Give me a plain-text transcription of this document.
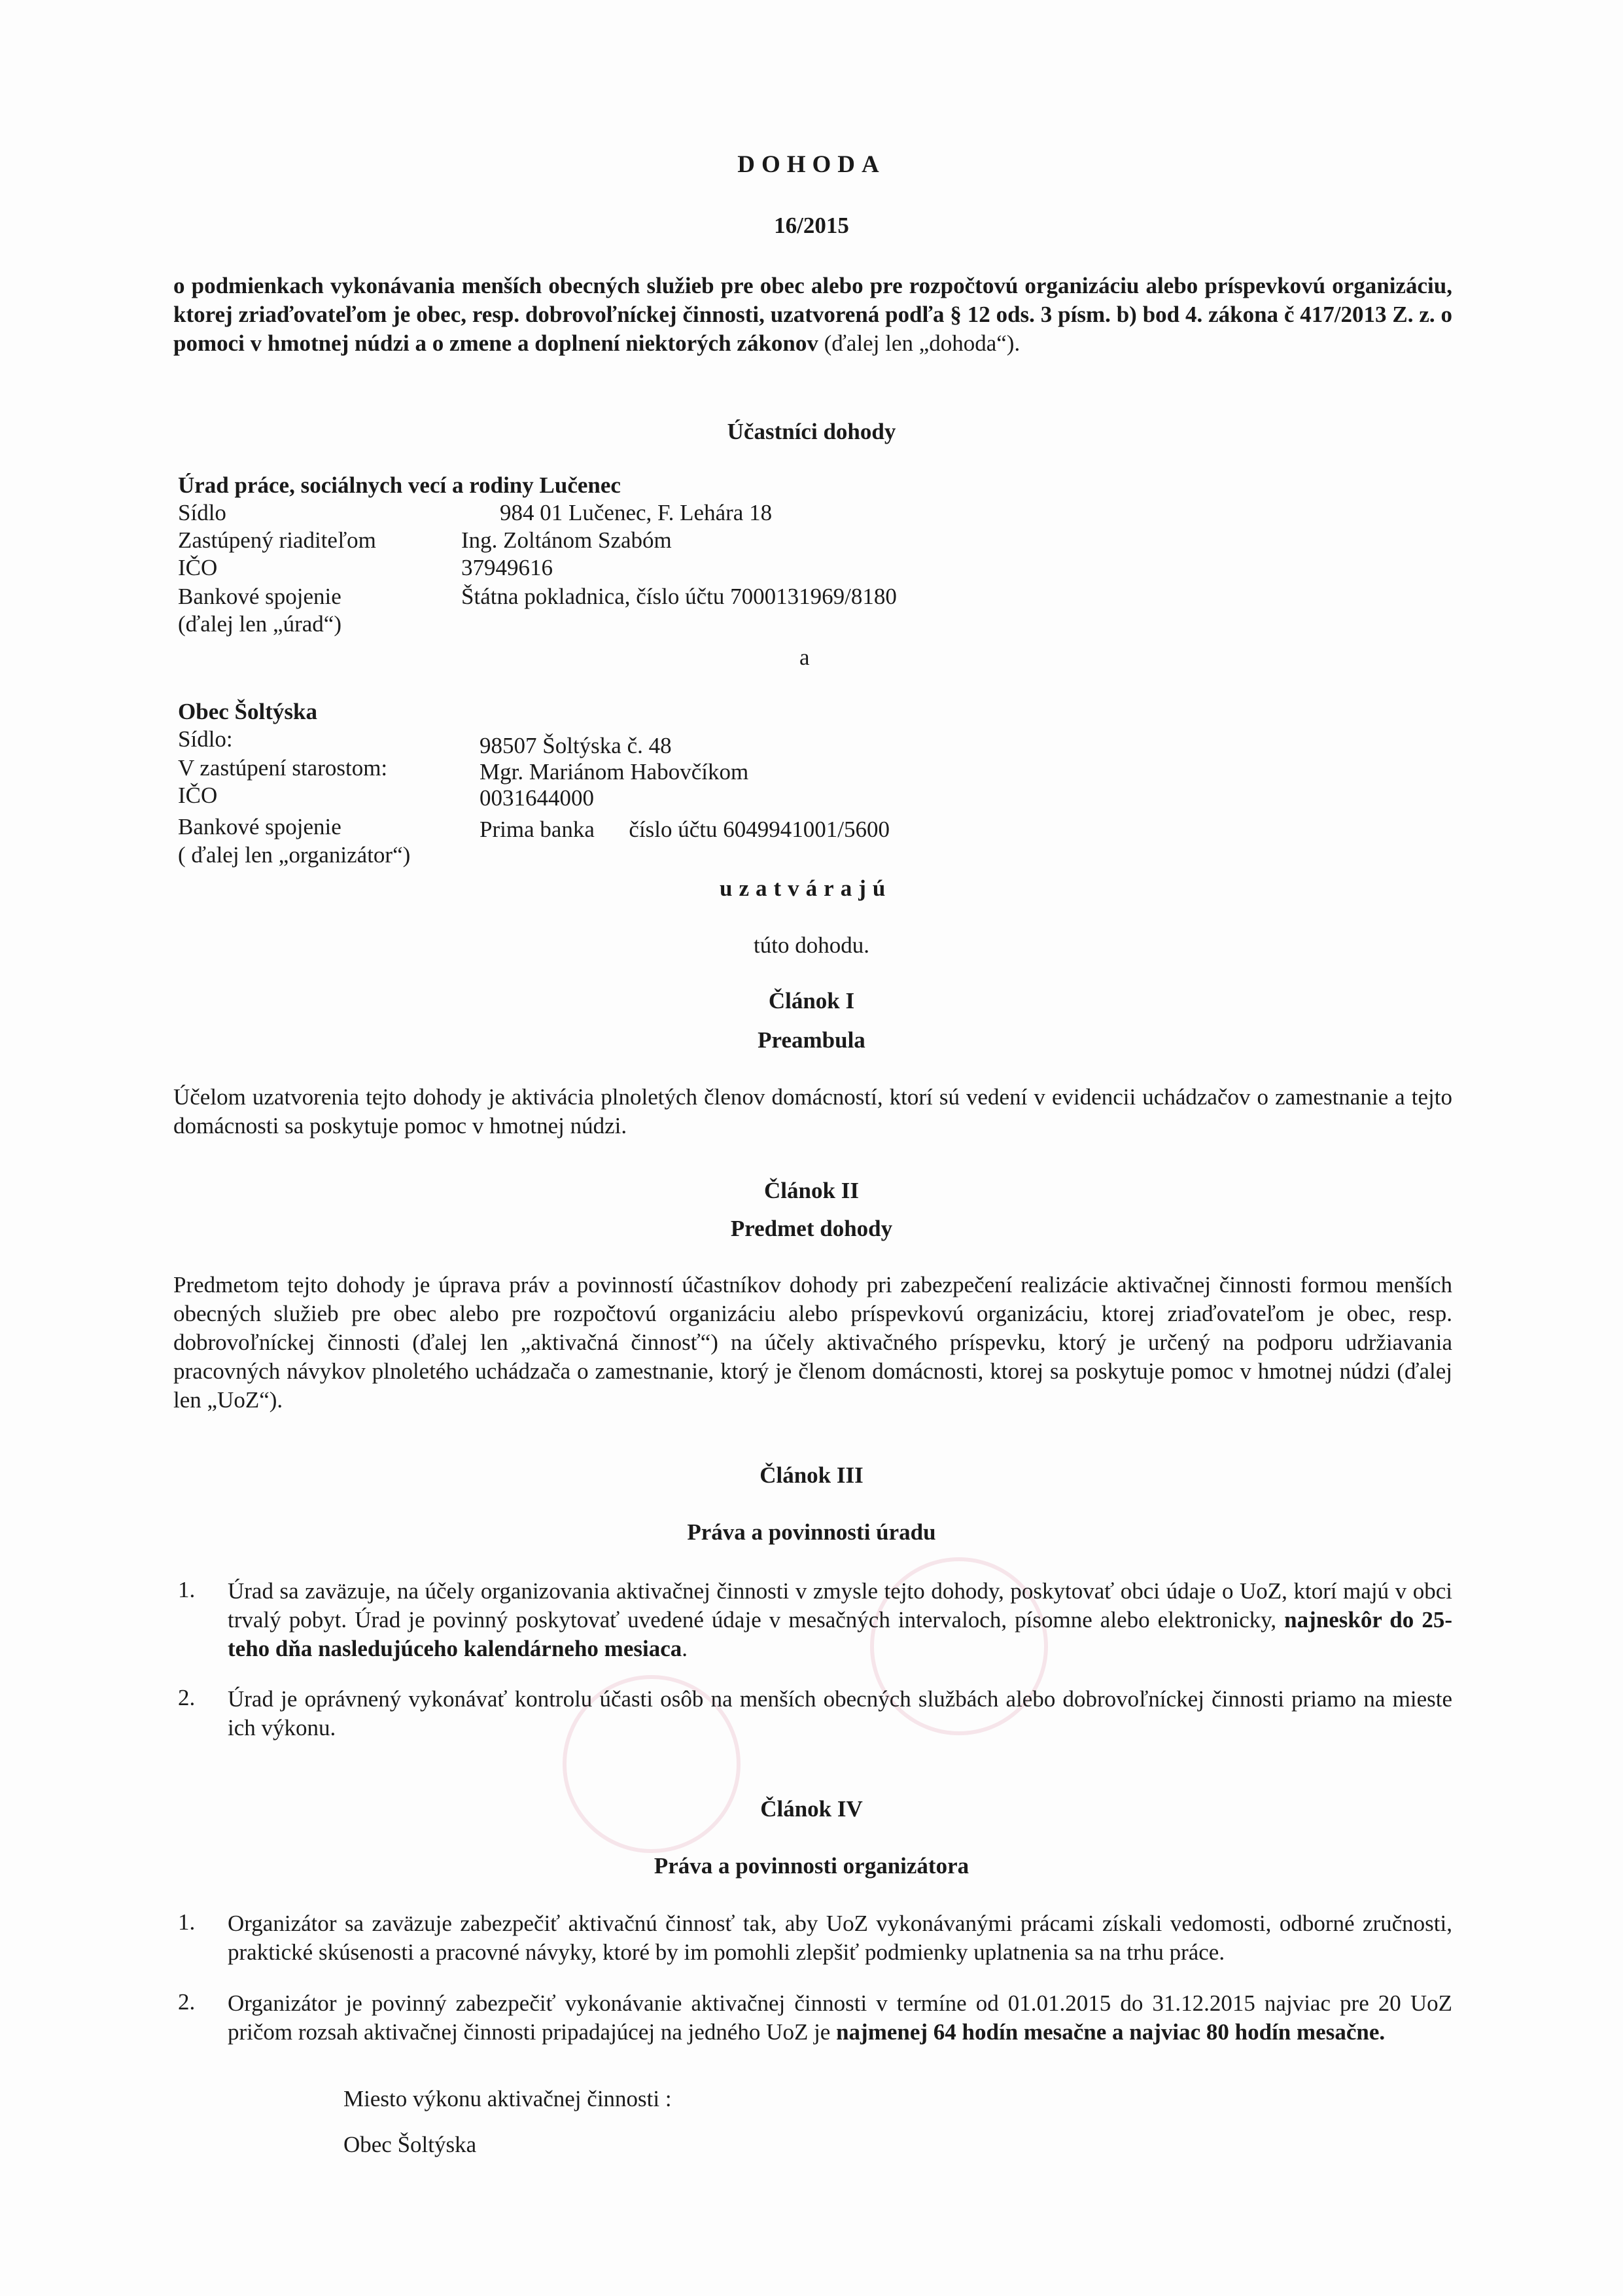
DOHODA
16/2015
o podmienkach vykonávania menších obecných služieb pre obec alebo pre rozpočtovú organizáciu alebo príspevkovú organizáciu, ktorej zriaďovateľom je obec, resp. dobrovoľníckej činnosti, uzatvorená podľa § 12 ods. 3 písm. b) bod 4. zákona č 417/2013 Z. z. o pomoci v hmotnej núdzi a o zmene a doplnení niektorých zákonov (ďalej len „dohoda“).
Účastníci dohody
Úrad práce, sociálnych vecí a rodiny Lučenec
Sídlo	984 01 Lučenec, F. Lehára 18
Zastúpený riaditeľom	Ing. Zoltánom Szabóm
IČO	37949616
Bankové spojenie	Štátna pokladnica, číslo účtu 7000131969/8180
(ďalej len „úrad“)
a
Obec Šoltýska
Sídlo:	98507 Šoltýska č. 48
V zastúpení starostom:	Mgr. Mariánom Habovčíkom
IČO	0031644000
Bankové spojenie	Prima banka      číslo účtu 6049941001/5600
( ďalej len „organizátor“)
uzatvárajú
túto dohodu.
Článok I
Preambula
Účelom uzatvorenia tejto dohody je aktivácia plnoletých členov domácností, ktorí sú vedení v evidencii uchádzačov o zamestnanie a tejto domácnosti sa poskytuje pomoc v hmotnej núdzi.
Článok II
Predmet dohody
Predmetom tejto dohody je úprava práv a povinností účastníkov dohody pri zabezpečení realizácie aktivačnej činnosti formou menších obecných služieb pre obec alebo pre rozpočtovú organizáciu alebo príspevkovú organizáciu, ktorej zriaďovateľom je obec, resp. dobrovoľníckej činnosti (ďalej len „aktivačná činnosť“) na účely aktivačného príspevku, ktorý je určený na podporu udržiavania pracovných návykov plnoletého uchádzača o zamestnanie, ktorý je členom domácnosti, ktorej sa poskytuje pomoc v hmotnej núdzi (ďalej len „UoZ“).
Článok III
Práva a povinnosti úradu
1. Úrad sa zaväzuje, na účely organizovania aktivačnej činnosti v zmysle tejto dohody, poskytovať obci údaje o UoZ, ktorí majú v obci trvalý pobyt. Úrad je povinný poskytovať uvedené údaje v mesačných intervaloch, písomne alebo elektronicky, najneskôr do 25-teho dňa nasledujúceho kalendárneho mesiaca.
2. Úrad je oprávnený vykonávať kontrolu účasti osôb na menších obecných službách alebo dobrovoľníckej činnosti priamo na mieste ich výkonu.
Článok IV
Práva a povinnosti organizátora
1. Organizátor sa zaväzuje zabezpečiť aktivačnú činnosť tak, aby UoZ vykonávanými prácami získali vedomosti, odborné zručnosti, praktické skúsenosti a pracovné návyky, ktoré by im pomohli zlepšiť podmienky uplatnenia sa na trhu práce.
2. Organizátor je povinný zabezpečiť vykonávanie aktivačnej činnosti v termíne od 01.01.2015 do 31.12.2015 najviac pre 20 UoZ pričom rozsah aktivačnej činnosti pripadajúcej na jedného UoZ je najmenej 64 hodín mesačne a najviac 80 hodín mesačne.
Miesto výkonu aktivačnej činnosti :
Obec Šoltýska
